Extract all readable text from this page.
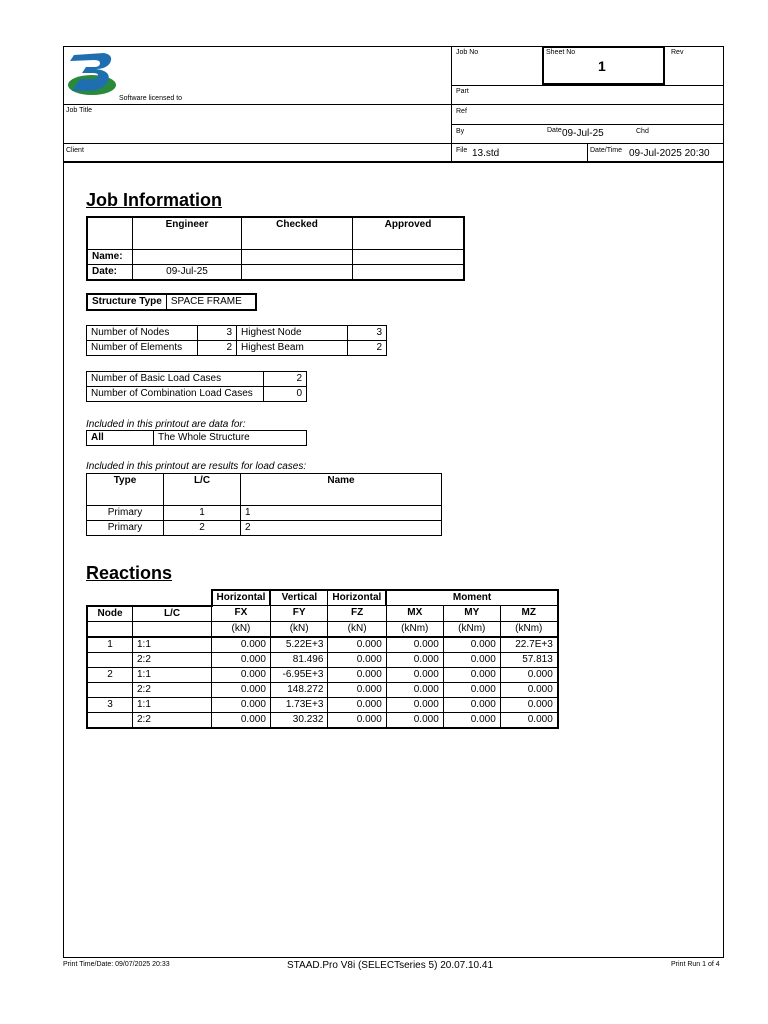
Job No	Sheet No
1
Rev
Software licensed to
Part
Job Title	Ref
By	Date 09-Jul-25	Chd
Client	File 13.std	Date/Time 09-Jul-2025 20:30
Job Information
	Engineer	Checked	Approved
Name:			
Date:	09-Jul-25		
Structure Type	SPACE FRAME
Number of Nodes	3	Highest Node	3
Number of Elements	2	Highest Beam	2
Number of Basic Load Cases	2
Number of Combination Load Cases	0
Included in this printout are data for:
All	The Whole Structure
Included in this printout are results for load cases:
Type	L/C	Name
Primary	1	1
Primary	2	2
Reactions
		Horizontal	Vertical	Horizontal	Moment		
Node	L/C	FX	FY	FZ	MX	MY	MZ
		(kN)	(kN)	(kN)	(kNm)	(kNm)	(kNm)
1	1:1	0.000	5.22E+3	0.000	0.000	0.000	22.7E+3
	2:2	0.000	81.496	0.000	0.000	0.000	57.813
2	1:1	0.000	-6.95E+3	0.000	0.000	0.000	0.000
	2:2	0.000	148.272	0.000	0.000	0.000	0.000
3	1:1	0.000	1.73E+3	0.000	0.000	0.000	0.000
	2:2	0.000	30.232	0.000	0.000	0.000	0.000
Print Time/Date: 09/07/2025 20:33	STAAD.Pro V8i (SELECTseries 5) 20.07.10.41	Print Run 1 of 4
